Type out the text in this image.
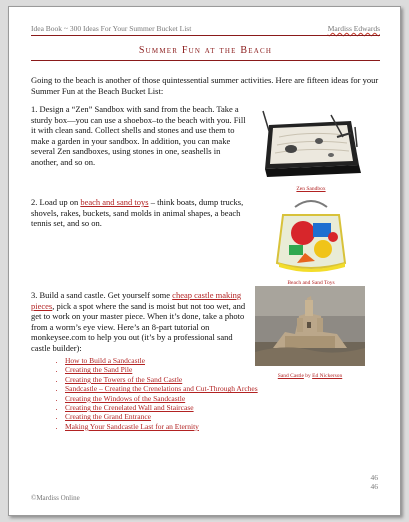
Idea Book ~ 300 Ideas For Your Summer Bucket List	Mardiss Edwards
Summer Fun at the Beach
Going to the beach is another of those quintessential summer activities. Here are fifteen ideas for your Summer Fun at the Beach Bucket List:
1. Design a “Zen” Sandbox with sand from the beach. Take a sturdy box—you can use a shoebox–to the beach with you. Fill it with clean sand. Collect shells and stones and use them to make a garden in your sandbox. In addition, you can make several Zen sandboxes, using stones in one, seashells in another, and so on.
Zen Sandbox
2. Load up on beach and sand toys – think boats, dump trucks, shovels, rakes, buckets, sand molds in animal shapes, a beach tennis set, and so on.
Beach and Sand Toys
3. Build a sand castle. Get yourself some cheap castle making pieces, pick a spot where the sand is moist but not too wet, and get to work on your master piece. When it’s done, take a photo from a worm’s eye view. Here’s an 8-part tutorial on monkeysee.com to help you out (it’s by a professional sand castle builder):
Sand Castle by Ed Nickerson
• How to Build a Sandcastle
• Creating the Sand Pile
• Creating the Towers of the Sand Castle
• Sandcastle – Creating the Crenelations and Cut-Through Arches
• Creating the Windows of the Sandcastle
• Creating the Crenelated Wall and Staircase
• Creating the Grand Entrance
• Making Your Sandcastle Last for an Eternity
46
46
©Mardiss Online
